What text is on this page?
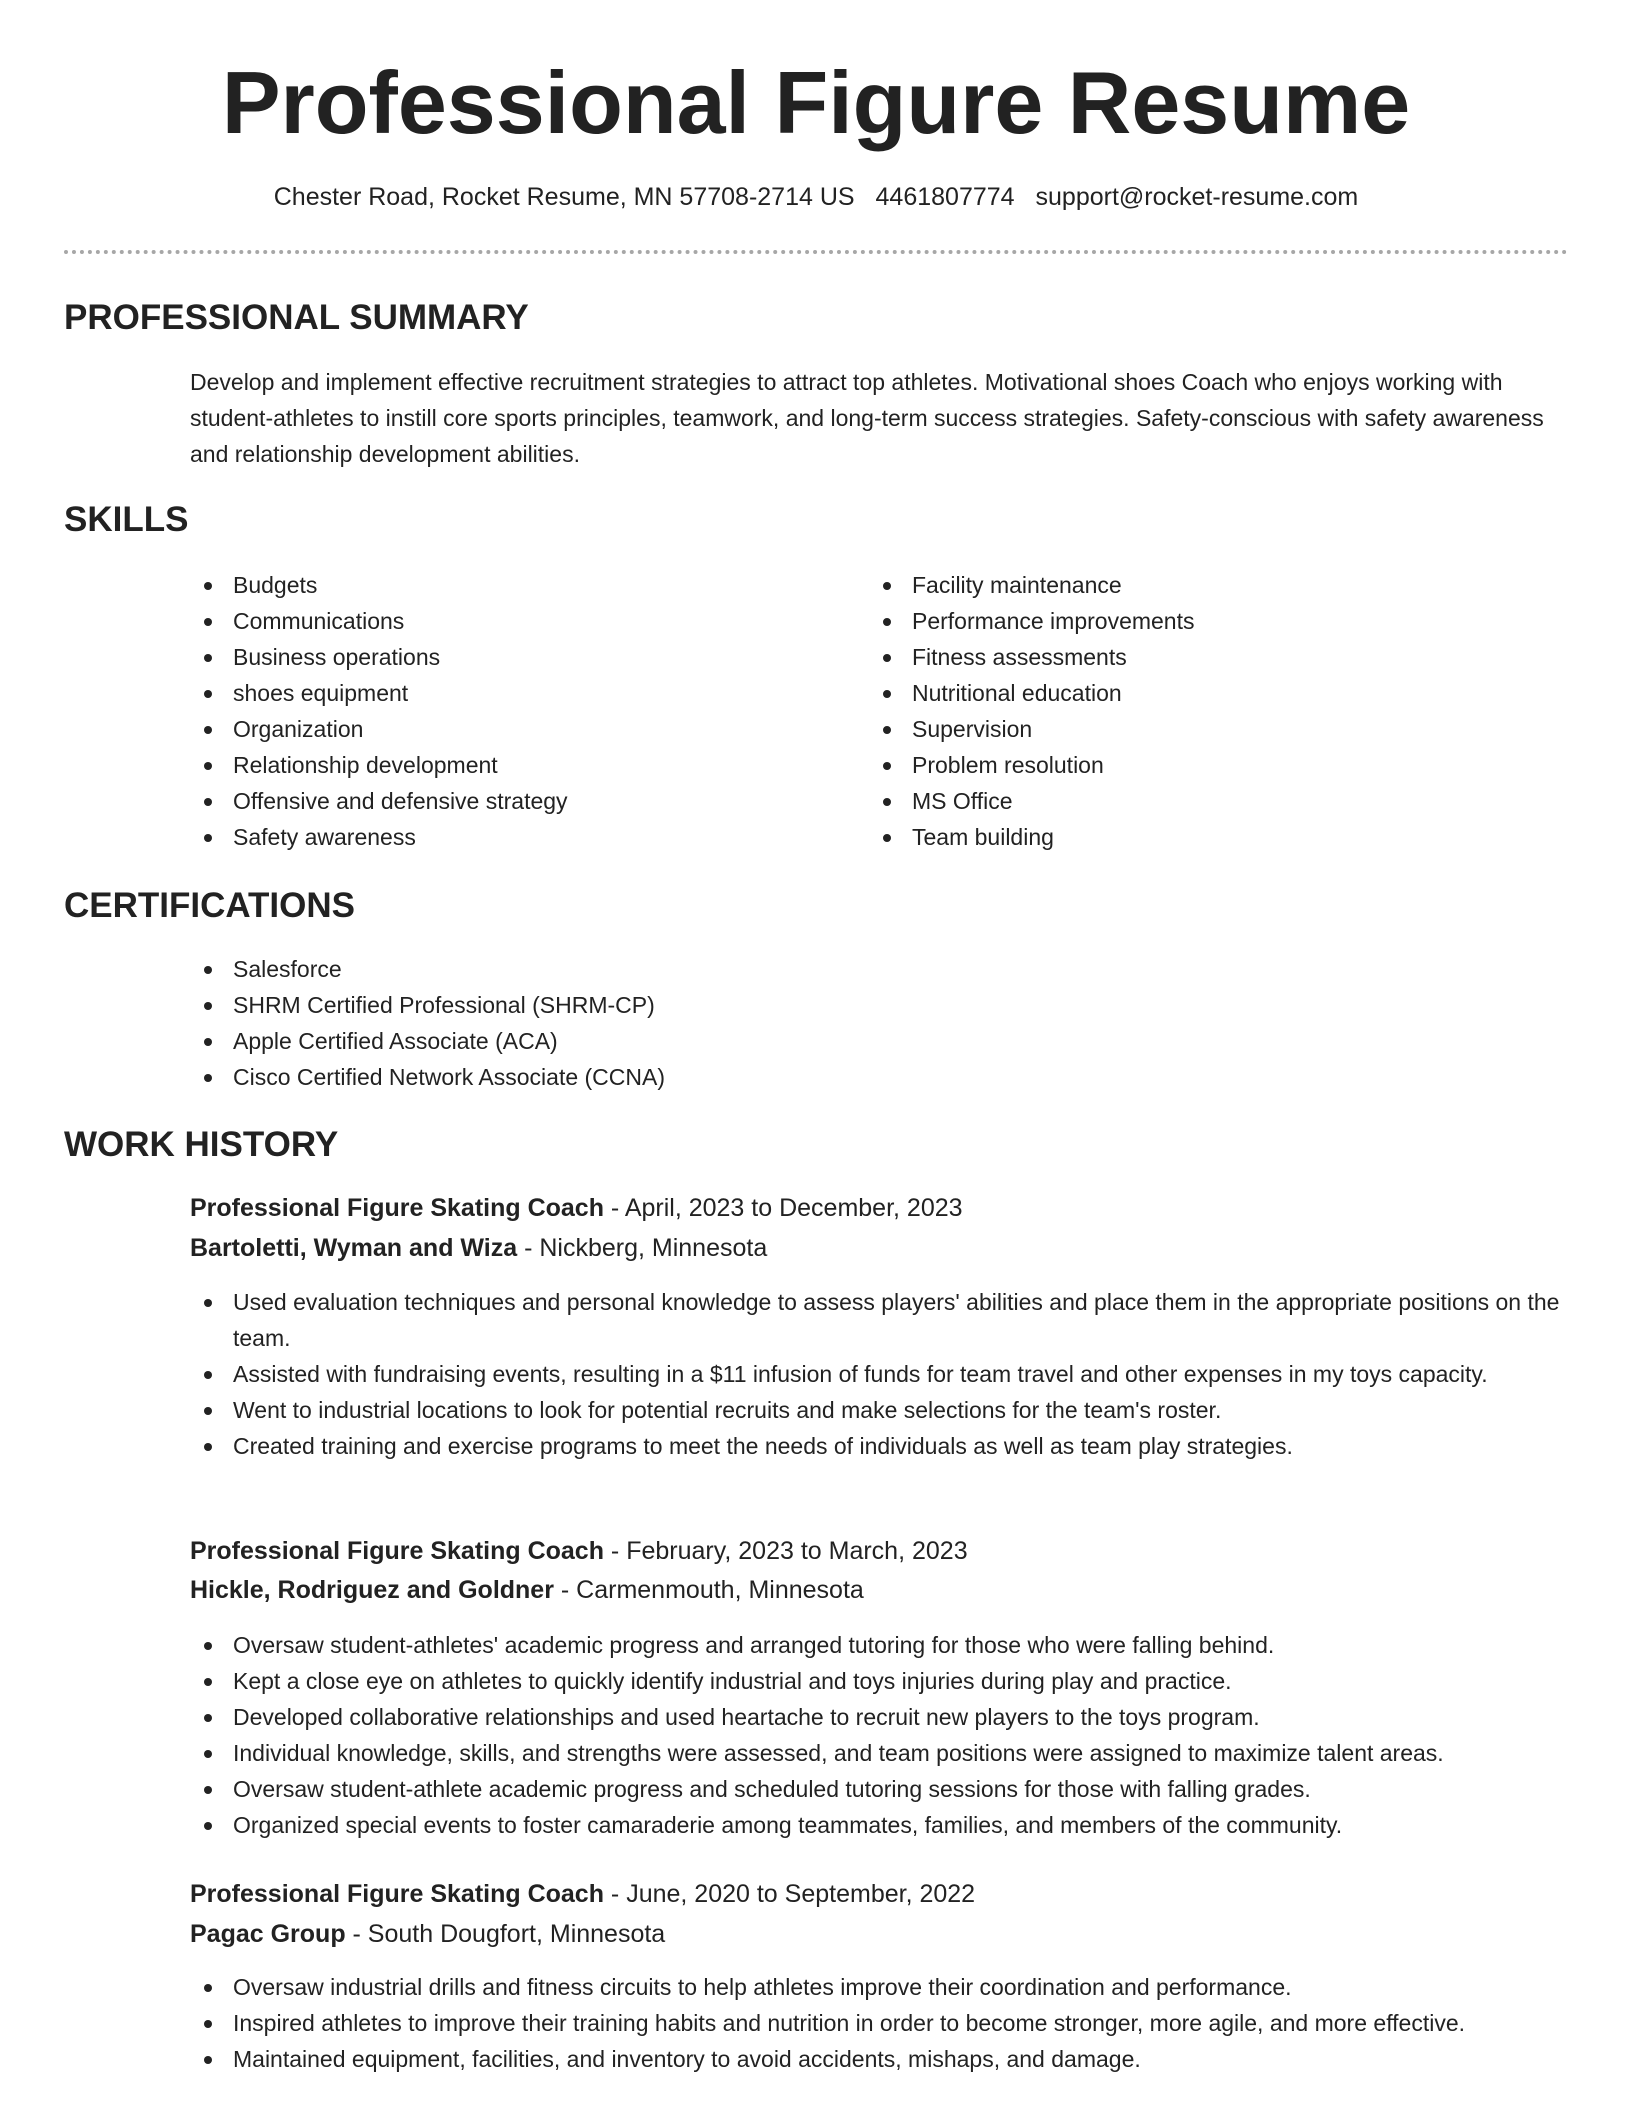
Professional Figure Resume
Chester Road, Rocket Resume, MN 57708-2714 US 4461807774 support@rocket-resume.com
PROFESSIONAL SUMMARY

Develop and implement effective recruitment strategies to attract top athletes. Motivational shoes Coach who enjoys working with student-athletes to instill core sports principles, teamwork, and long-term success strategies. Safety-conscious with safety awareness and relationship development abilities.

SKILLS
Budgets
Communications
Business operations
shoes equipment
Organization
Relationship development
Offensive and defensive strategy
Safety awareness
Facility maintenance
Performance improvements
Fitness assessments
Nutritional education
Supervision
Problem resolution
MS Office
Team building
CERTIFICATIONS
Salesforce
SHRM Certified Professional (SHRM-CP)
Apple Certified Associate (ACA)
Cisco Certified Network Associate (CCNA)
WORK HISTORY
Professional Figure Skating Coach - April, 2023 to December, 2023
Bartoletti, Wyman and Wiza - Nickberg, Minnesota
Used evaluation techniques and personal knowledge to assess players' abilities and place them in the appropriate positions on the team.
Assisted with fundraising events, resulting in a $11 infusion of funds for team travel and other expenses in my toys capacity.
Went to industrial locations to look for potential recruits and make selections for the team's roster.
Created training and exercise programs to meet the needs of individuals as well as team play strategies.
Professional Figure Skating Coach - February, 2023 to March, 2023
Hickle, Rodriguez and Goldner - Carmenmouth, Minnesota
Oversaw student-athletes' academic progress and arranged tutoring for those who were falling behind.
Kept a close eye on athletes to quickly identify industrial and toys injuries during play and practice.
Developed collaborative relationships and used heartache to recruit new players to the toys program.
Individual knowledge, skills, and strengths were assessed, and team positions were assigned to maximize talent areas.
Oversaw student-athlete academic progress and scheduled tutoring sessions for those with falling grades.
Organized special events to foster camaraderie among teammates, families, and members of the community.
Professional Figure Skating Coach - June, 2020 to September, 2022
Pagac Group - South Dougfort, Minnesota
Oversaw industrial drills and fitness circuits to help athletes improve their coordination and performance.
Inspired athletes to improve their training habits and nutrition in order to become stronger, more agile, and more effective.
Maintained equipment, facilities, and inventory to avoid accidents, mishaps, and damage.
